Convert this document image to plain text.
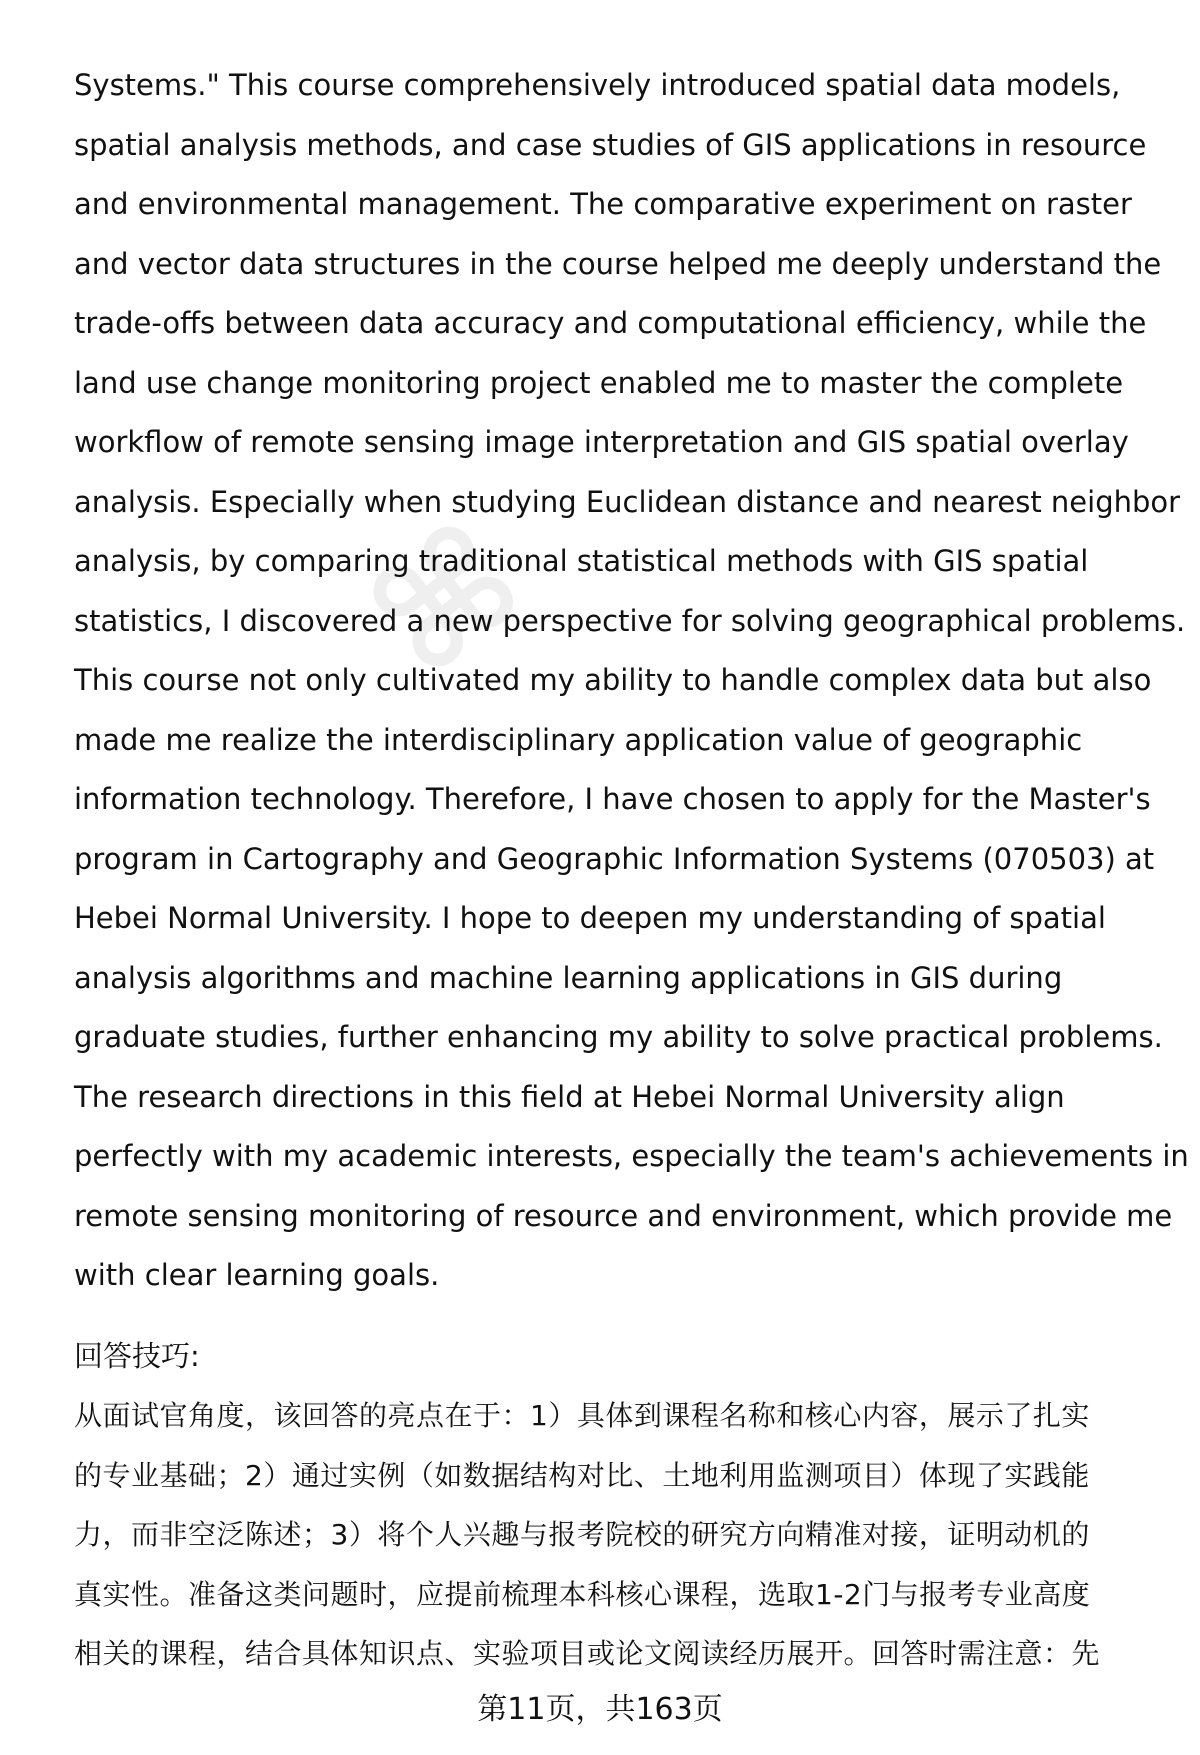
⌘
Systems." This course comprehensively introduced spatial data models,
spatial analysis methods, and case studies of GIS applications in resource
and environmental management. The comparative experiment on raster
and vector data structures in the course helped me deeply understand the
trade-offs between data accuracy and computational efficiency, while the
land use change monitoring project enabled me to master the complete
workflow of remote sensing image interpretation and GIS spatial overlay
analysis. Especially when studying Euclidean distance and nearest neighbor
analysis, by comparing traditional statistical methods with GIS spatial
statistics, I discovered a new perspective for solving geographical problems.
This course not only cultivated my ability to handle complex data but also
made me realize the interdisciplinary application value of geographic
information technology. Therefore, I have chosen to apply for the Master's
program in Cartography and Geographic Information Systems (070503) at
Hebei Normal University. I hope to deepen my understanding of spatial
analysis algorithms and machine learning applications in GIS during
graduate studies, further enhancing my ability to solve practical problems.
The research directions in this field at Hebei Normal University align
perfectly with my academic interests, especially the team's achievements in
remote sensing monitoring of resource and environment, which provide me
with clear learning goals.
回答技巧:
从面试官角度，该回答的亮点在于：1）具体到课程名称和核心内容，展示了扎实
的专业基础；2）通过实例（如数据结构对比、土地利用监测项目）体现了实践能
力，而非空泛陈述；3）将个人兴趣与报考院校的研究方向精准对接，证明动机的
真实性。准备这类问题时，应提前梳理本科核心课程，选取1-2门与报考专业高度
相关的课程，结合具体知识点、实验项目或论文阅读经历展开。回答时需注意：先
第11页，共163页
